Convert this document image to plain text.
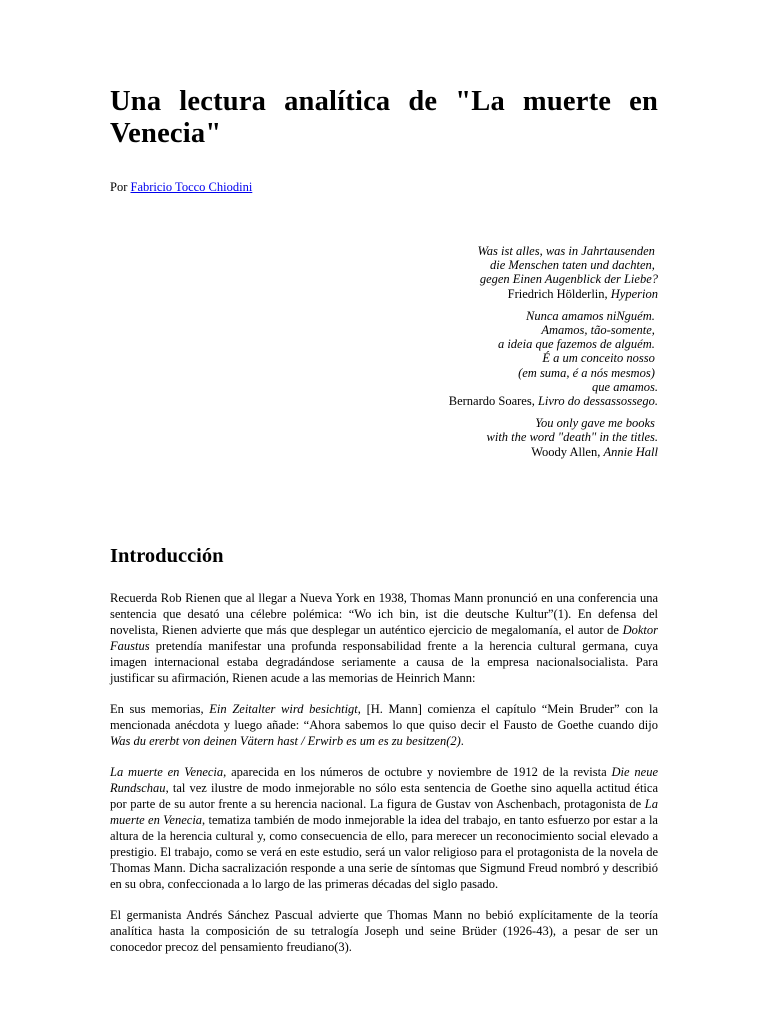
Una lectura analítica de "La muerte en Venecia"
Por Fabricio Tocco Chiodini
Was ist alles, was in Jahrtausenden
die Menschen taten und dachten,
gegen Einen Augenblick der Liebe?
Friedrich Hölderlin, Hyperion
Nunca amamos niNguém.
Amamos, tão-somente,
a ideia que fazemos de alguém.
É a um conceito nosso
(em suma, é a nós mesmos)
que amamos.
Bernardo Soares, Livro do dessassossego.
You only gave me books
with the word "death" in the titles.
Woody Allen, Annie Hall
Introducción

Recuerda Rob Rienen que al llegar a Nueva York en 1938, Thomas Mann pronunció en una conferencia una sentencia que desató una célebre polémica: “Wo ich bin, ist die deutsche Kultur”(1). En defensa del novelista, Rienen advierte que más que desplegar un auténtico ejercicio de megalomanía, el autor de Doktor Faustus pretendía manifestar una profunda responsabilidad frente a la herencia cultural germana, cuya imagen internacional estaba degradándose seriamente a causa de la empresa nacionalsocialista. Para justificar su afirmación, Rienen acude a las memorias de Heinrich Mann:

En sus memorias, Ein Zeitalter wird besichtigt, [H. Mann] comienza el capítulo “Mein Bruder” con la mencionada anécdota y luego añade: “Ahora sabemos lo que quiso decir el Fausto de Goethe cuando dijo Was du ererbt von deinen Vätern hast / Erwirb es um es zu besitzen(2).

La muerte en Venecia, aparecida en los números de octubre y noviembre de 1912 de la revista Die neue Rundschau, tal vez ilustre de modo inmejorable no sólo esta sentencia de Goethe sino aquella actitud ética por parte de su autor frente a su herencia nacional. La figura de Gustav von Aschenbach, protagonista de La muerte en Venecia, tematiza también de modo inmejorable la idea del trabajo, en tanto esfuerzo por estar a la altura de la herencia cultural y, como consecuencia de ello, para merecer un reconocimiento social elevado a prestigio. El trabajo, como se verá en este estudio, será un valor religioso para el protagonista de la novela de Thomas Mann. Dicha sacralización responde a una serie de síntomas que Sigmund Freud nombró y describió en su obra, confeccionada a lo largo de las primeras décadas del siglo pasado.

El germanista Andrés Sánchez Pascual advierte que Thomas Mann no bebió explícitamente de la teoría analítica hasta la composición de su tetralogía Joseph und seine Brüder (1926-43), a pesar de ser un conocedor precoz del pensamiento freudiano(3).
